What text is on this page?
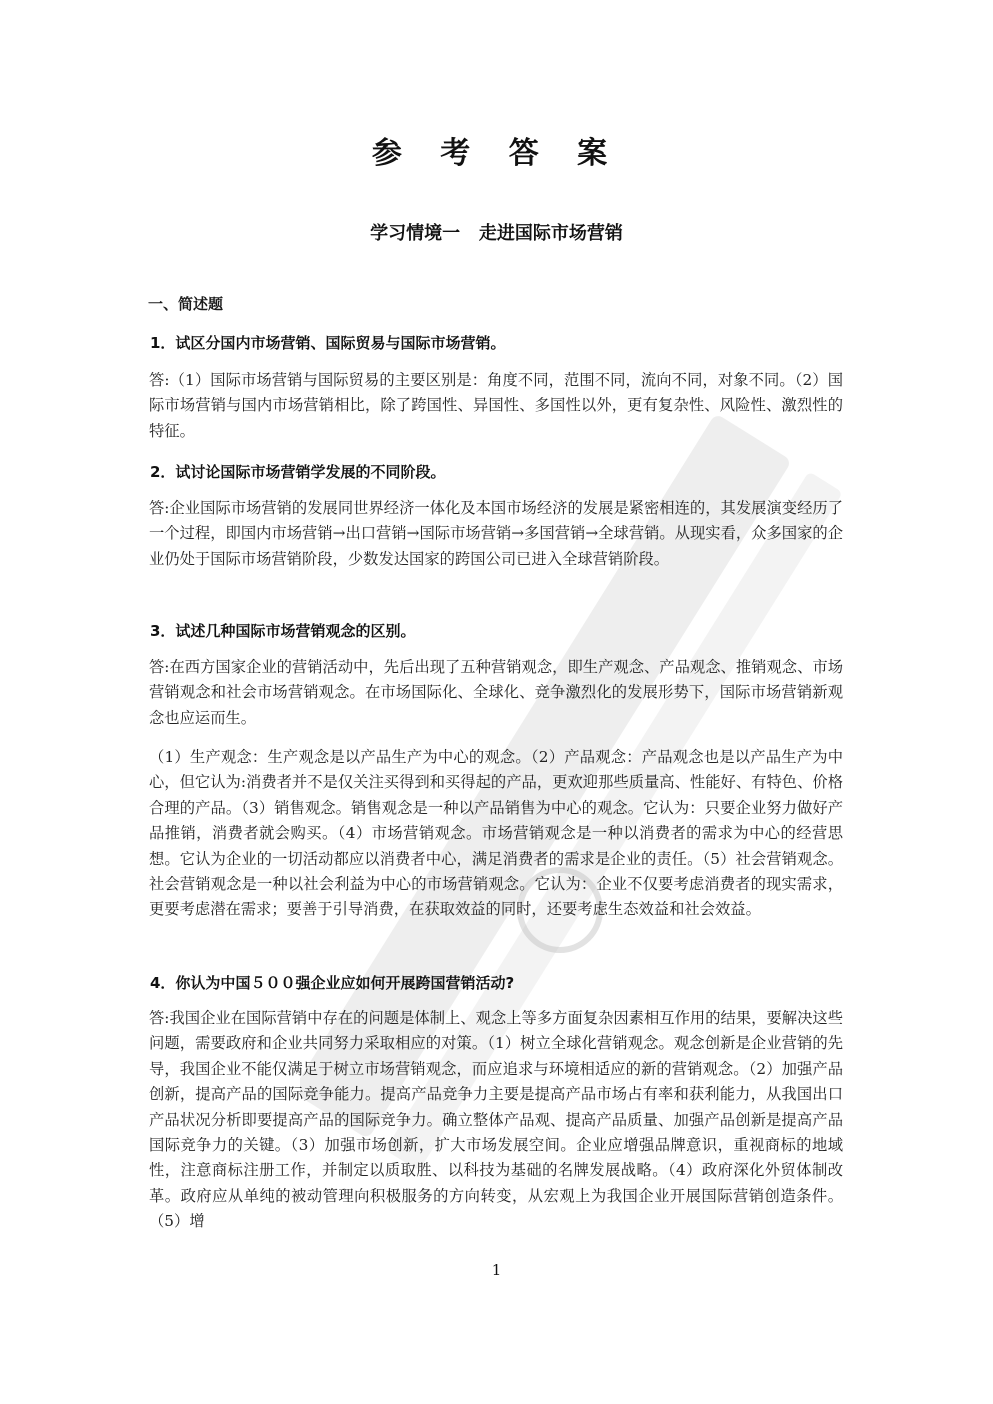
参 考 答 案
学习情境一   走进国际市场营销
一、简述题
1．试区分国内市场营销、国际贸易与国际市场营销。

答:（1）国际市场营销与国际贸易的主要区别是：角度不同，范围不同，流向不同，对象不同。（2）国际市场营销与国内市场营销相比，除了跨国性、异国性、多国性以外，更有复杂性、风险性、激烈性的特征。

2．试讨论国际市场营销学发展的不同阶段。

答:企业国际市场营销的发展同世界经济一体化及本国市场经济的发展是紧密相连的，其发展演变经历了一个过程，即国内市场营销→出口营销→国际市场营销→多国营销→全球营销。从现实看，众多国家的企业仍处于国际市场营销阶段，少数发达国家的跨国公司已进入全球营销阶段。

3．试述几种国际市场营销观念的区别。

答:在西方国家企业的营销活动中，先后出现了五种营销观念，即生产观念、产品观念、推销观念、市场营销观念和社会市场营销观念。在市场国际化、全球化、竞争激烈化的发展形势下，国际市场营销新观念也应运而生。

（1）生产观念：生产观念是以产品生产为中心的观念。（2）产品观念：产品观念也是以产品生产为中心，但它认为:消费者并不是仅关注买得到和买得起的产品，更欢迎那些质量高、性能好、有特色、价格合理的产品。（3）销售观念。销售观念是一种以产品销售为中心的观念。它认为：只要企业努力做好产品推销，消费者就会购买。（4）市场营销观念。市场营销观念是一种以消费者的需求为中心的经营思想。它认为企业的一切活动都应以消费者中心，满足消费者的需求是企业的责任。（5）社会营销观念。社会营销观念是一种以社会利益为中心的市场营销观念。它认为：企业不仅要考虑消费者的现实需求，更要考虑潜在需求；要善于引导消费，在获取效益的同时，还要考虑生态效益和社会效益。

4．你认为中国５００强企业应如何开展跨国营销活动?

答:我国企业在国际营销中存在的问题是体制上、观念上等多方面复杂因素相互作用的结果，要解决这些问题，需要政府和企业共同努力采取相应的对策。（1）树立全球化营销观念。观念创新是企业营销的先导，我国企业不能仅满足于树立市场营销观念，而应追求与环境相适应的新的营销观念。（2）加强产品创新，提高产品的国际竞争能力。提高产品竞争力主要是提高产品市场占有率和获利能力，从我国出口产品状况分析即要提高产品的国际竞争力。确立整体产品观、提高产品质量、加强产品创新是提高产品国际竞争力的关键。（3）加强市场创新，扩大市场发展空间。企业应增强品牌意识，重视商标的地域性，注意商标注册工作，并制定以质取胜、以科技为基础的名牌发展战略。（4）政府深化外贸体制改革。政府应从单纯的被动管理向积极服务的方向转变，从宏观上为我国企业开展国际营销创造条件。（5）增

1
